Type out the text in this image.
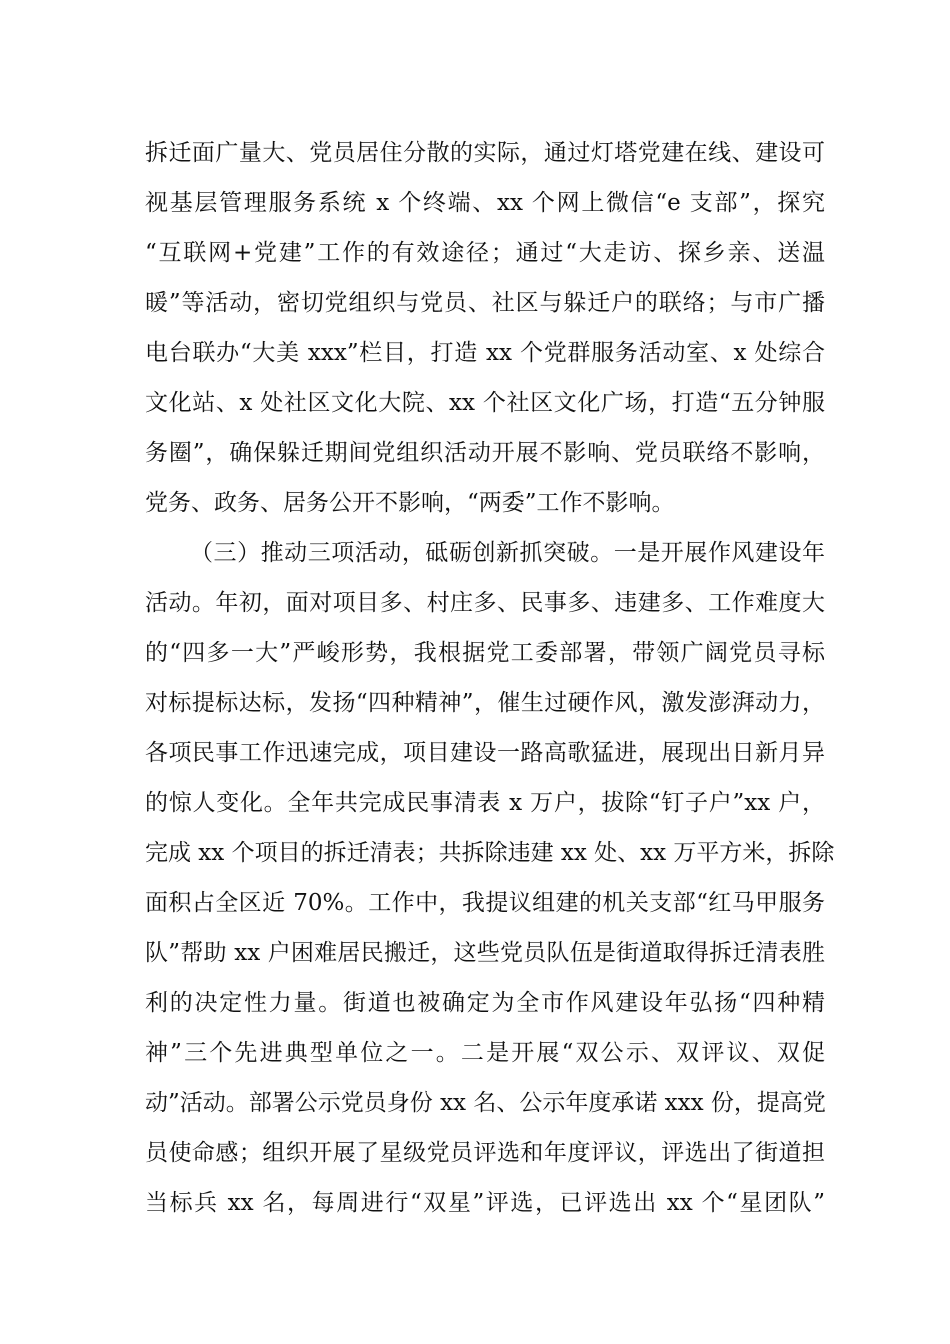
拆迁面广量大、党员居住分散的实际，通过灯塔党建在线、建设可
视基层管理服务系统 x 个终端、xx 个网上微信“e 支部”，探究
“互联网+党建”工作的有效途径；通过“大走访、探乡亲、送温
暖”等活动，密切党组织与党员、社区与躲迁户的联络；与市广播
电台联办“大美 xxx”栏目，打造 xx 个党群服务活动室、x 处综合
文化站、x 处社区文化大院、xx 个社区文化广场，打造“五分钟服
务圈”，确保躲迁期间党组织活动开展不影响、党员联络不影响，
党务、政务、居务公开不影响，“两委”工作不影响。
（三）推动三项活动，砥砺创新抓突破。一是开展作风建设年
活动。年初，面对项目多、村庄多、民事多、违建多、工作难度大
的“四多一大”严峻形势，我根据党工委部署，带领广阔党员寻标
对标提标达标，发扬“四种精神”，催生过硬作风，激发澎湃动力，
各项民事工作迅速完成，项目建设一路高歌猛进，展现出日新月异
的惊人变化。全年共完成民事清表 x 万户，拔除“钉子户”xx 户，
完成 xx 个项目的拆迁清表；共拆除违建 xx 处、xx 万平方米，拆除
面积占全区近 70%。工作中，我提议组建的机关支部“红马甲服务
队”帮助 xx 户困难居民搬迁，这些党员队伍是街道取得拆迁清表胜
利的决定性力量。街道也被确定为全市作风建设年弘扬“四种精
神”三个先进典型单位之一。二是开展“双公示、双评议、双促
动”活动。部署公示党员身份 xx 名、公示年度承诺 xxx 份，提高党
员使命感；组织开展了星级党员评选和年度评议，评选出了街道担
当标兵 xx 名，每周进行“双星”评选，已评选出 xx 个“星团队”
